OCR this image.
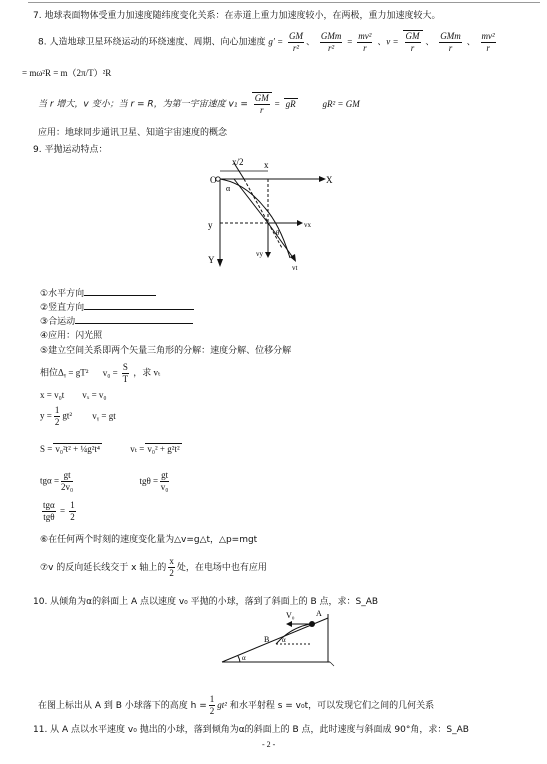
7. 地球表面物体受重力加速度随纬度变化关系：在赤道上重力加速度较小，在两极，重力加速度较大。
8. 人造地球卫星环绕运动的环绕速度、周期、向心加速度 $g' = \frac{GM}{\text{r²}}$ 、 $\frac{\text{GMm}}{\text{r²}} = \frac{\text{mv²}}{r}$ 、$v = \frac{GM}{r}$ 、 $\frac{\text{GMm}}{r}$ 、 $\frac{\text{mv²}}{r}$
= mω²R = m（2π/T）²R
当 r 增大，v 变小；当 r = R，为第一宇宙速度 $v_1 = \frac{GM}{r}$ = gR	gR² = GM
应用：地球同步通讯卫星、知道宇宙速度的概念
9. 平抛运动特点：
O
x/2 x
X
α
y
Y
θ
vx
vy
vt
①水平方向
②竖直方向
③合运动
④应用：闪光照
⑤建立空间关系即两个矢量三角形的分解：速度分解、位移分解
相位Δᵧ = gT² $v_0 = \frac{S}{T}$ ，求 vₜ
x = v₀t vₓ = v₀
$y = \frac{1}{2} gt^2$ vᵧ = gt
S = v₀²t² + ¼g²t⁴	vₜ = v₀² + g²t²
$tg\alpha = \frac{gt}{\text{2v₀}}$	$tg\theta = \frac{gt}{\text{v₀}}$
$\frac{\text{tgα}}{\text{tgθ}} = \frac{1}{2}$
⑥在任何两个时刻的速度变化量为△v=g△t，△p=mgt
⑦v 的反向延长线交于 x 轴上的 $\frac{x}{2}$ 处，在电场中也有应用
10. 从倾角为α的斜面上 A 点以速度 v₀ 平抛的小球，落到了斜面上的 B 点，求：S_AB
A
B
V₀
α
α
在图上标出从 A 到 B 小球落下的高度 $h = \frac{1}{2} gt^2$ 和水平射程 s = v₀t，可以发现它们之间的几何关系
11. 从 A 点以水平速度 v₀ 抛出的小球，落到倾角为α的斜面上的 B 点，此时速度与斜面成 90°角，求：S_AB
- 2 -
